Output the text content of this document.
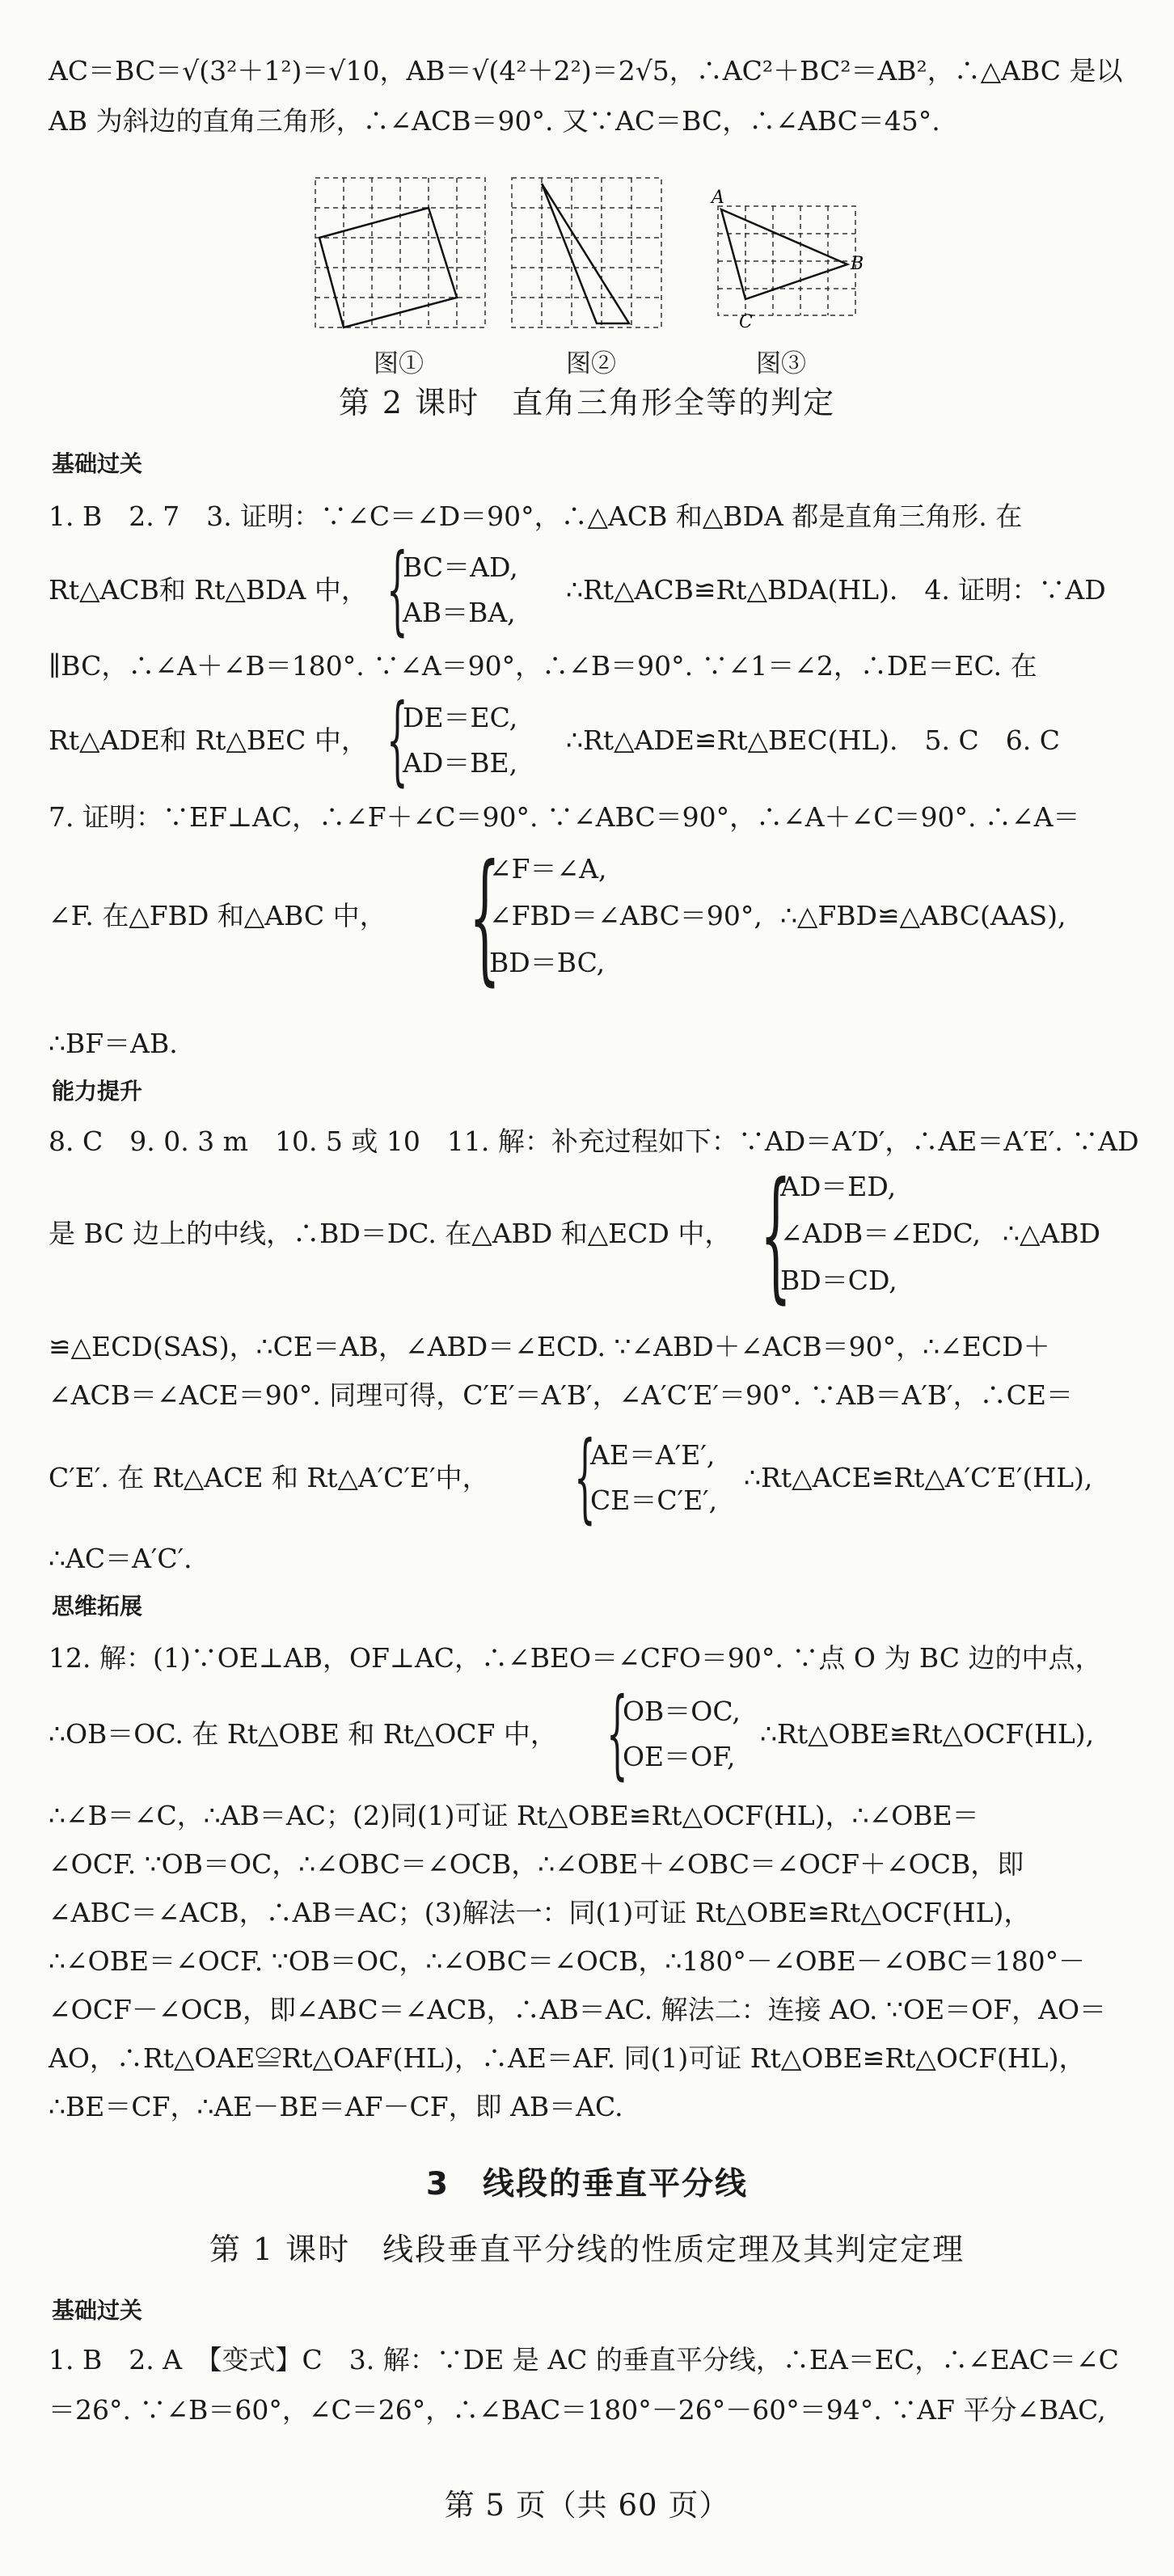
AC＝BC＝√(3²＋1²)＝√10，AB＝√(4²＋2²)＝2√5，∴AC²＋BC²＝AB²，∴△ABC 是以
AB 为斜边的直角三角形，∴∠ACB＝90°. 又∵AC＝BC，∴∠ABC＝45°.
图①	图②
A
B
C
图③
第 2 课时　直角三角形全等的判定
基础过关
1. B　2. 7　3. 证明：∵∠C＝∠D＝90°，∴△ACB 和△BDA 都是直角三角形. 在
Rt△ACB和 Rt△BDA 中， {
BC＝AD,
AB＝BA,
∴Rt△ACB≌Rt△BDA(HL).　4. 证明：∵AD
∥BC，∴∠A＋∠B＝180°. ∵∠A＝90°，∴∠B＝90°. ∵∠1＝∠2，∴DE＝EC. 在
Rt△ADE和 Rt△BEC 中， {
DE＝EC,
AD＝BE,
∴Rt△ADE≌Rt△BEC(HL).　5. C　6. C
7. 证明：∵EF⊥AC，∴∠F＋∠C＝90°. ∵∠ABC＝90°，∴∠A＋∠C＝90°. ∴∠A＝
∠F. 在△FBD 和△ABC 中， {
∠F＝∠A,
∠FBD＝∠ABC＝90°,
BD＝BC,
∴△FBD≌△ABC(AAS),
∴BF＝AB.
能力提升
8. C　9. 0. 3 m　10. 5 或 10　11. 解：补充过程如下：∵AD＝A′D′，∴AE＝A′E′. ∵AD
是 BC 边上的中线，∴BD＝DC. 在△ABD 和△ECD 中， {
AD＝ED,
∠ADB＝∠EDC,
BD＝CD,
∴△ABD
≌△ECD(SAS)，∴CE＝AB，∠ABD＝∠ECD. ∵∠ABD＋∠ACB＝90°，∴∠ECD＋
∠ACB＝∠ACE＝90°. 同理可得，C′E′＝A′B′，∠A′C′E′＝90°. ∵AB＝A′B′，∴CE＝
C′E′. 在 Rt△ACE 和 Rt△A′C′E′中， {
AE＝A′E′,
CE＝C′E′,
∴Rt△ACE≌Rt△A′C′E′(HL),
∴AC＝A′C′.
思维拓展
12. 解：(1)∵OE⊥AB，OF⊥AC，∴∠BEO＝∠CFO＝90°. ∵点 O 为 BC 边的中点，
∴OB＝OC. 在 Rt△OBE 和 Rt△OCF 中， {
OB＝OC,
OE＝OF,
∴Rt△OBE≌Rt△OCF(HL),
∴∠B＝∠C，∴AB＝AC；(2)同(1)可证 Rt△OBE≌Rt△OCF(HL)，∴∠OBE＝
∠OCF. ∵OB＝OC，∴∠OBC＝∠OCB，∴∠OBE＋∠OBC＝∠OCF＋∠OCB，即
∠ABC＝∠ACB，∴AB＝AC；(3)解法一：同(1)可证 Rt△OBE≌Rt△OCF(HL)，
∴∠OBE＝∠OCF. ∵OB＝OC，∴∠OBC＝∠OCB，∴180°－∠OBE－∠OBC＝180°－
∠OCF－∠OCB，即∠ABC＝∠ACB，∴AB＝AC. 解法二：连接 AO. ∵OE＝OF，AO＝
AO，∴Rt△OAE≌Rt△OAF(HL)，∴AE＝AF. 同(1)可证 Rt△OBE≌Rt△OCF(HL)，
∴BE＝CF，∴AE－BE＝AF－CF，即 AB＝AC.
3　线段的垂直平分线
第 1 课时　线段垂直平分线的性质定理及其判定定理
基础过关
1. B　2. A　【变式】C　3. 解：∵DE 是 AC 的垂直平分线，∴EA＝EC，∴∠EAC＝∠C
＝26°. ∵∠B＝60°，∠C＝26°，∴∠BAC＝180°－26°－60°＝94°. ∵AF 平分∠BAC,
第 5 页（共 60 页）
